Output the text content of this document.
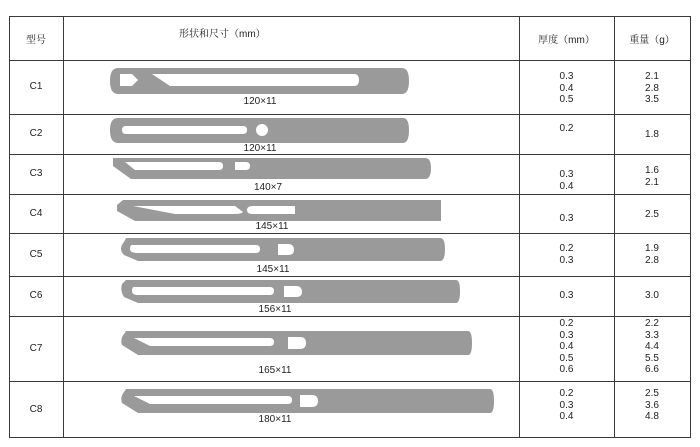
型号
形状和尺寸（mm）
厚度（mm）	重量（g）
C1
C2
C3
C4
C5
C6
C7
C8
120×11
120×11
140×7
145×11
145×11
156×11
165×11
180×11
0.3
0.4
0.5
0.2
0.3
0.4
0.3
0.2
0.3
0.3
0.2
0.3
0.4
0.5
0.6
0.2
0.3
0.4
2.1
2.8
3.5
1.8
1.6
2.1
2.5
1.9
2.8
3.0
2.2
3.3
4.4
5.5
6.6
2.5
3.6
4.8
